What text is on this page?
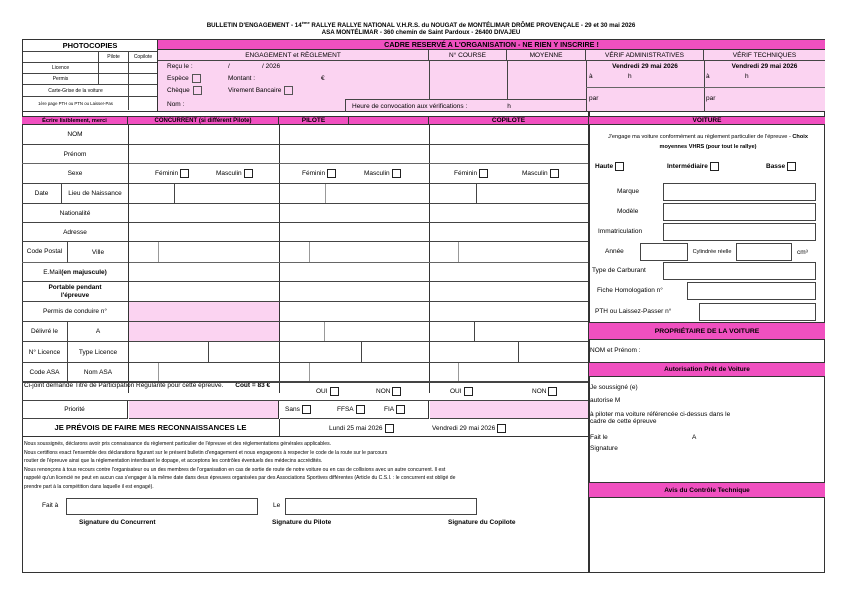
BULLETIN D'ENGAGEMENT - 14ème RALLYE RALLYE NATIONAL V.H.R.S. du NOUGAT de MONTÉLIMAR DRÔME PROVENÇALE - 29 et 30 mai 2026
ASA MONTÉLIMAR - 360 chemin de Saint Pardoux - 26400 DIVAJEU
PHOTOCOPIES
Pilote	Copilote
Licence
Permis
Carte-Grise de la voiture
1ère page PTH ou PTN ou Laisser-Pas
CADRE RESERVÉ A L'ORGANISATION - NE RIEN Y INSCRIRE !
ENGAGEMENT et RÈGLEMENT	N° COURSE	MOYENNE	VÉRIF ADMINISTRATIVES	VÉRIF TECHNIQUES
Reçu le :	/	/ 2026
Espèce	Montant :	€
Chèque	Virement Bancaire
Nom :	Heure de convocation aux vérifications :	h
Vendredi 29 mai 2026
à	h
par
Vendredi 29 mai 2026
à	h
par
Écrire lisiblement, merci	CONCURRENT (si différent Pilote)	PILOTE	COPILOTE
NOM
Prénom
Sexe	Féminin	Masculin	Féminin	Masculin	Féminin	Masculin
Date	Lieu de Naissance
Nationalité
Adresse
Code Postal	Ville
E.Mail (en majuscule)
Portable pendant l'épreuve
Permis de conduire n°
Délivré le	A
N° Licence	Type Licence
Code ASA	Nom ASA
Ci-joint demande Titre de Participation Régularité pour cette épreuve. Coût = 83 €
OUI	NON	OUI	NON
Priorité	Sans	FFSA	FIA
JE PRÉVOIS DE FAIRE MES RECONNAISSANCES LE	Lundi 25 mai 2026	Vendredi 29 mai 2026
Nous soussignés, déclarons avoir pris connaissance du règlement particulier de l'épreuve et des réglementations générales applicables.
Nous certifions exact l'ensemble des déclarations figurant sur le présent bulletin d'engagement et nous engageons à respecter le code de la route sur le parcours
routier de l'épreuve ainsi que la réglementation interdisant le dopage, et acceptons les contrôles éventuels des médecins accrédités.
Nous renonçons à tous recours contre l'organisateur ou un des membres de l'organisation en cas de sortie de route de notre voiture ou en cas de collisions avec un autre concurrent. Il est
rappelé qu'un licencié ne peut en aucun cas s'engager à la même date dans deux épreuves organisées par des Associations Sportives différentes (Article du C.S.I. : le concurrent est obligé de
prendre part à la compétition dans laquelle il est engagé).
Fait à	Le
Signature du Concurrent	Signature du Pilote	Signature du Copilote
VOITURE
J'engage ma voiture conformément au règlement particulier de l'épreuve - Choix moyennes VHRS (pour tout le rallye)
Haute	Intermédiaire	Basse
Marque
Modèle
Immatriculation
Année	Cylindrée réelle	cm³
Type de Carburant
Fiche Homologation n°
PTH ou Laissez-Passer n°
PROPRIÉTAIRE DE LA VOITURE
NOM et Prénom :
Autorisation Prêt de Voiture
Je soussigné (e)
autorise M
à piloter ma voiture référencée ci-dessus dans le cadre de cette épreuve
Fait le	A
Signature
Avis du Contrôle Technique
